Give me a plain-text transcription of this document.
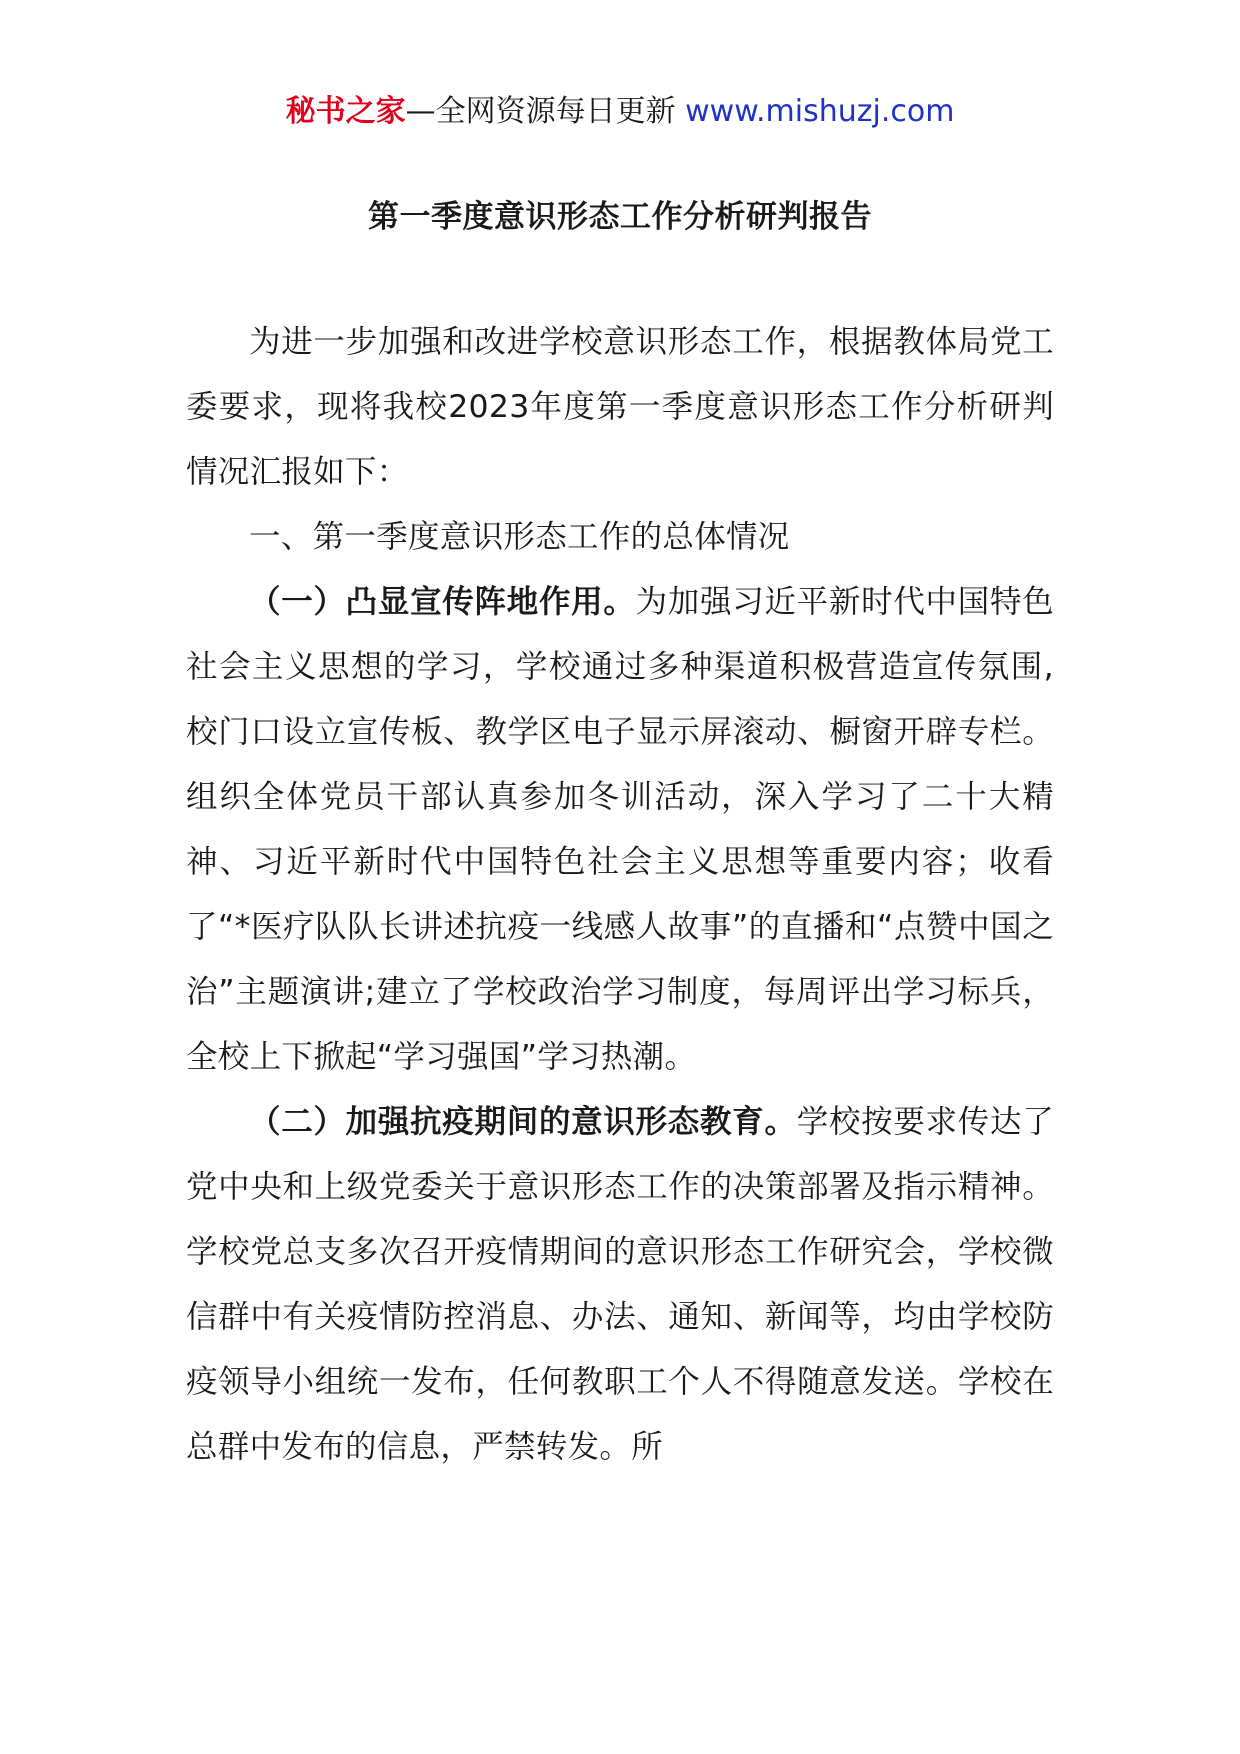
秘书之家—全网资源每日更新 www.mishuzj.com
第一季度意识形态工作分析研判报告

为进一步加强和改进学校意识形态工作，根据教体局党工委要求，现将我校2023年度第一季度意识形态工作分析研判情况汇报如下：

一、第一季度意识形态工作的总体情况

（一）凸显宣传阵地作用。为加强习近平新时代中国特色社会主义思想的学习，学校通过多种渠道积极营造宣传氛围,校门口设立宣传板、教学区电子显示屏滚动、橱窗开辟专栏。组织全体党员干部认真参加冬训活动，深入学习了二十大精神、习近平新时代中国特色社会主义思想等重要内容；收看了“*医疗队队长讲述抗疫一线感人故事”的直播和“点赞中国之治”主题演讲;建立了学校政治学习制度，每周评出学习标兵，全校上下掀起“学习强国”学习热潮。

（二）加强抗疫期间的意识形态教育。学校按要求传达了党中央和上级党委关于意识形态工作的决策部署及指示精神。学校党总支多次召开疫情期间的意识形态工作研究会，学校微信群中有关疫情防控消息、办法、通知、新闻等，均由学校防疫领导小组统一发布，任何教职工个人不得随意发送。学校在总群中发布的信息，严禁转发。所
